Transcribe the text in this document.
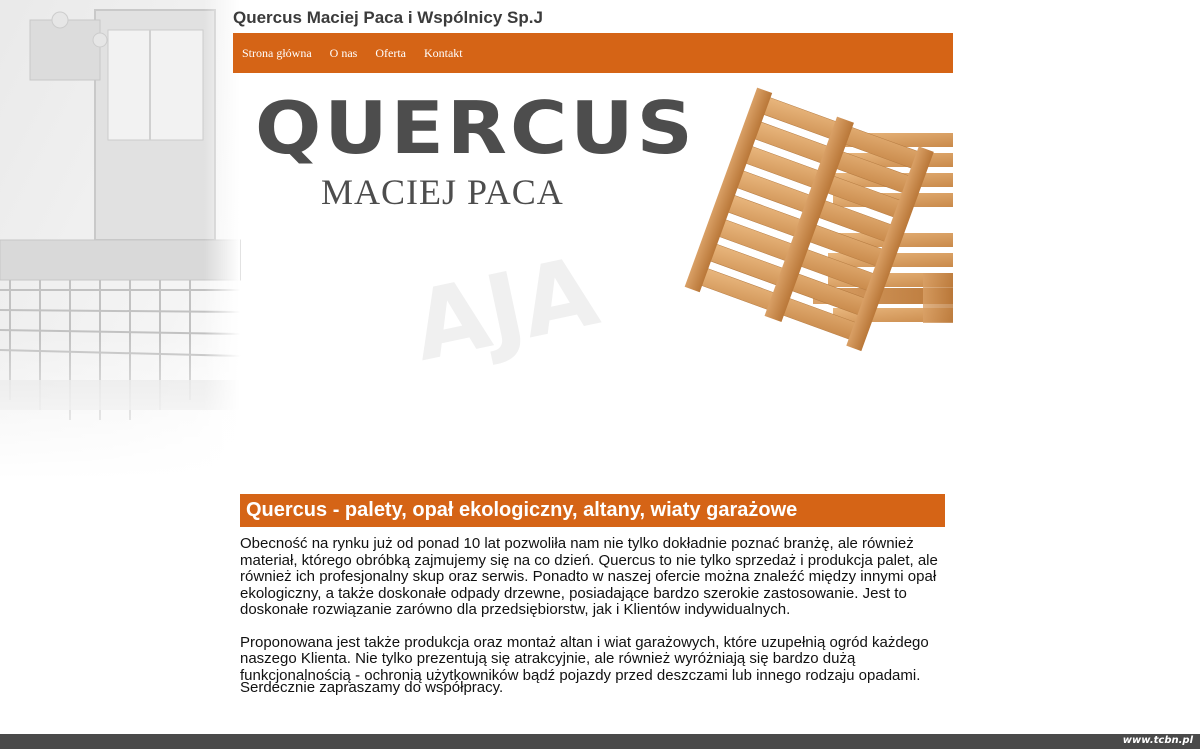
Quercus Maciej Paca i Wspólnicy Sp.J
Strona główna O nas Oferta Kontakt
AJA
QUERCUS
MACIEJ PACA
Quercus - palety, opał ekologiczny, altany, wiaty garażowe

Obecność na rynku już od ponad 10 lat pozwoliła nam nie tylko dokładnie poznać branżę, ale również materiał, którego obróbką zajmujemy się na co dzień. Quercus to nie tylko sprzedaż i produkcja palet, ale również ich profesjonalny skup oraz serwis. Ponadto w naszej ofercie można znaleźć między innymi opał ekologiczny, a także doskonałe odpady drzewne, posiadające bardzo szerokie zastosowanie. Jest to doskonałe rozwiązanie zarówno dla przedsiębiorstw, jak i Klientów indywidualnych.

Proponowana jest także produkcja oraz montaż altan i wiat garażowych, które uzupełnią ogród każdego naszego Klienta. Nie tylko prezentują się atrakcyjnie, ale również wyróżniają się bardzo dużą funkcjonalnością - ochronią użytkowników bądź pojazdy przed deszczami lub innego rodzaju opadami.

Serdecznie zapraszamy do współpracy.

www.tcbn.pl
